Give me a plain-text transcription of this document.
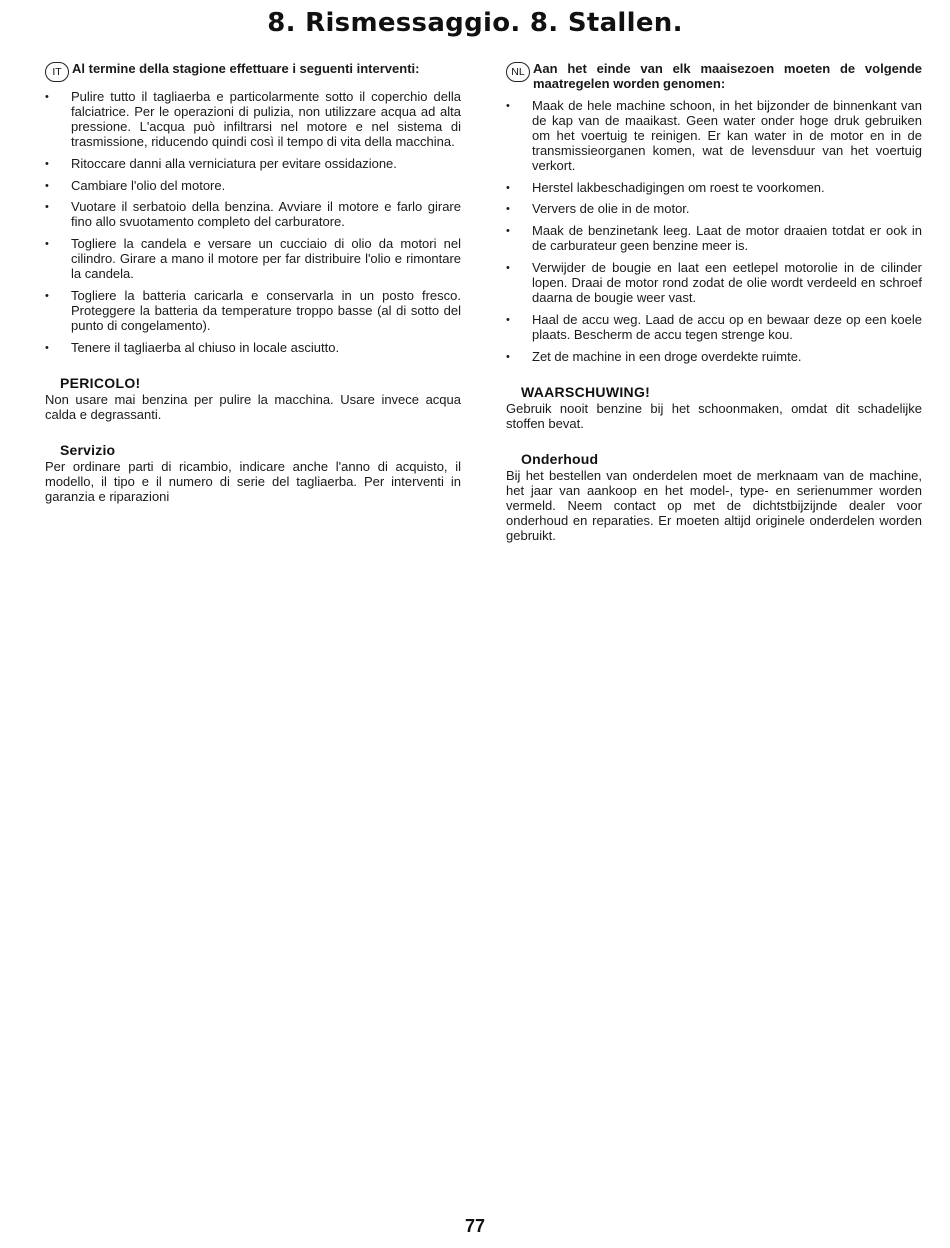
8. Rismessaggio. 8. Stallen.
IT Al termine della stagione effettuare i seguenti interventi:

•	Pulire tutto il tagliaerba e particolarmente sotto il coperchio della falciatrice. Per le operazioni di pulizia, non utilizzare acqua ad alta pressione. L'acqua può infiltrarsi nel motore e nel sistema di trasmissione, riducendo quindi così il tempo di vita della macchina.
•	Ritoccare danni alla verniciatura per evitare ossidazione.
•	Cambiare l'olio del motore.
•	Vuotare il serbatoio della benzina. Avviare il motore e farlo girare fino allo svuotamento completo del carburatore.
•	Togliere la candela e versare un cucciaio di olio da motori nel cilindro. Girare a mano il motore per far distribuire l'olio e rimontare la candela.
•	Togliere la batteria caricarla e conservarla in un posto fresco. Proteggere la batteria da temperature troppo basse (al di sotto del punto di congelamento).
•	Tenere il tagliaerba al chiuso in locale asciutto.
PERICOLO!

Non usare mai benzina per pulire la macchina. Usare invece acqua calda e degrassanti.

Servizio

Per ordinare parti di ricambio, indicare anche l'anno di acquisto, il modello, il tipo e il numero di serie del tagliaerba. Per interventi in garanzia e riparazioni

NL Aan het einde van elk maaisezoen moeten de volgende maatregelen worden genomen:

•	Maak de hele machine schoon, in het bijzonder de binnenkant van de kap van de maaikast. Geen water onder hoge druk gebruiken om het voertuig te reinigen. Er kan water in de motor en in de transmissieorganen komen, wat de levensduur van het voertuig verkort.
•	Herstel lakbeschadigingen om roest te voorkomen.
•	Ververs de olie in de motor.
•	Maak de benzinetank leeg. Laat de motor draaien totdat er ook in de carburateur geen benzine meer is.
•	Verwijder de bougie en laat een eetlepel motorolie in de cilinder lopen. Draai de motor rond zodat de olie wordt verdeeld en schroef daarna de bougie weer vast.
•	Haal de accu weg. Laad de accu op en bewaar deze op een koele plaats. Bescherm de accu tegen strenge kou.
•	Zet de machine in een droge overdekte ruimte.
WAARSCHUWING!

Gebruik nooit benzine bij het schoonmaken, omdat dit schadelijke stoffen bevat.

Onderhoud

Bij het bestellen van onderdelen moet de merknaam van de machine, het jaar van aankoop en het model-, type- en serienummer worden vermeld. Neem contact op met de dichtstbijzijnde dealer voor onderhoud en reparaties. Er moeten altijd originele onderdelen worden gebruikt.

77
